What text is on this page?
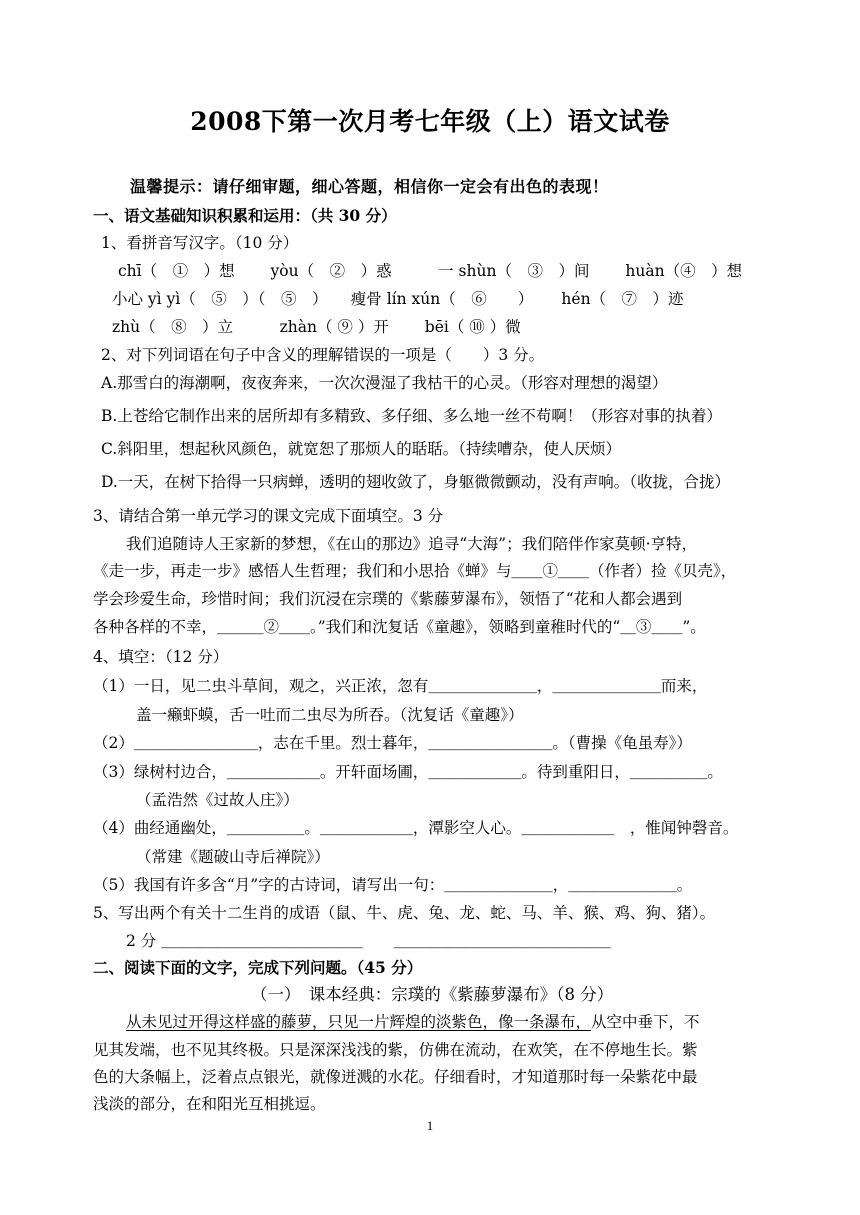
2008下第一次月考七年级（上）语文试卷
温馨提示：请仔细审题，细心答题，相信你一定会有出色的表现！
一、语文基础知识积累和运用：（共 30 分）
1、看拼音写汉字。（10 分）
chī（　①　）想　　 yòu（　②　）惑　　　一 shùn（　③　）间　　 huàn（④　）想
小心 yì yì（　⑤　）（　⑤　）　　瘦骨 lín xún（　⑥　　）　　 hén（　⑦　）迹
zhù（　⑧　）立　　　zhàn（ ⑨ ）开　　 bēi（ ⑩ ）微
2、对下列词语在句子中含义的理解错误的一项是（　　）3 分。
A.那雪白的海潮啊，夜夜奔来，一次次漫湿了我枯干的心灵。（形容对理想的渴望）
B.上苍给它制作出来的居所却有多精致、多仔细、多么地一丝不苟啊！（形容对事的执着）
C.斜阳里，想起秋风颜色，就宽恕了那烦人的聒聒。（持续嘈杂，使人厌烦）
D.一天，在树下拾得一只病蝉，透明的翅收敛了，身躯微微颤动，没有声响。（收拢，合拢）
3、请结合第一单元学习的课文完成下面填空。3 分
我们追随诗人王家新的梦想，《在山的那边》追寻“大海”；我们陪伴作家莫顿·亨特，
《走一步，再走一步》感悟人生哲理；我们和小思拾《蝉》与＿＿①＿＿（作者）捡《贝壳》，
学会珍爱生命，珍惜时间；我们沉浸在宗璞的《紫藤萝瀑布》，领悟了“花和人都会遇到
各种各样的不幸，＿＿＿②＿＿。”我们和沈复话《童趣》，领略到童稚时代的“＿③＿＿”。
4、填空：（12 分）
（1）一日，见二虫斗草间，观之，兴正浓，忽有＿＿＿＿＿＿＿，＿＿＿＿＿＿＿而来，
盖一癞虾蟆，舌一吐而二虫尽为所吞。（沈复话《童趣》）
（2）＿＿＿＿＿＿＿＿，志在千里。烈士暮年，＿＿＿＿＿＿＿＿。（曹操《龟虽寿》）
（3）绿树村边合，＿＿＿＿＿＿。开轩面场圃，＿＿＿＿＿＿。待到重阳日，＿＿＿＿＿。
（孟浩然《过故人庄》）
（4）曲经通幽处，＿＿＿＿＿。＿＿＿＿＿＿，潭影空人心。＿＿＿＿＿＿　，惟闻钟磬音。
（常建《题破山寺后禅院》）
（5）我国有许多含“月”字的古诗词，请写出一句：＿＿＿＿＿＿＿，＿＿＿＿＿＿＿。
5、写出两个有关十二生肖的成语（鼠、牛、虎、兔、龙、蛇、马、羊、猴、鸡、狗、猪）。
2 分 ＿＿＿＿＿＿＿＿＿＿＿＿＿　　＿＿＿＿＿＿＿＿＿＿＿＿＿＿
二、阅读下面的文字，完成下列问题。（45 分）
（一）　课本经典：宗璞的《紫藤萝瀑布》（8 分）
从未见过开得这样盛的藤萝，只见一片辉煌的淡紫色，像一条瀑布，从空中垂下，不
见其发端，也不见其终极。只是深深浅浅的紫，仿佛在流动，在欢笑，在不停地生长。紫
色的大条幅上，泛着点点银光，就像迸溅的水花。仔细看时，才知道那时每一朵紫花中最
浅淡的部分，在和阳光互相挑逗。
1
